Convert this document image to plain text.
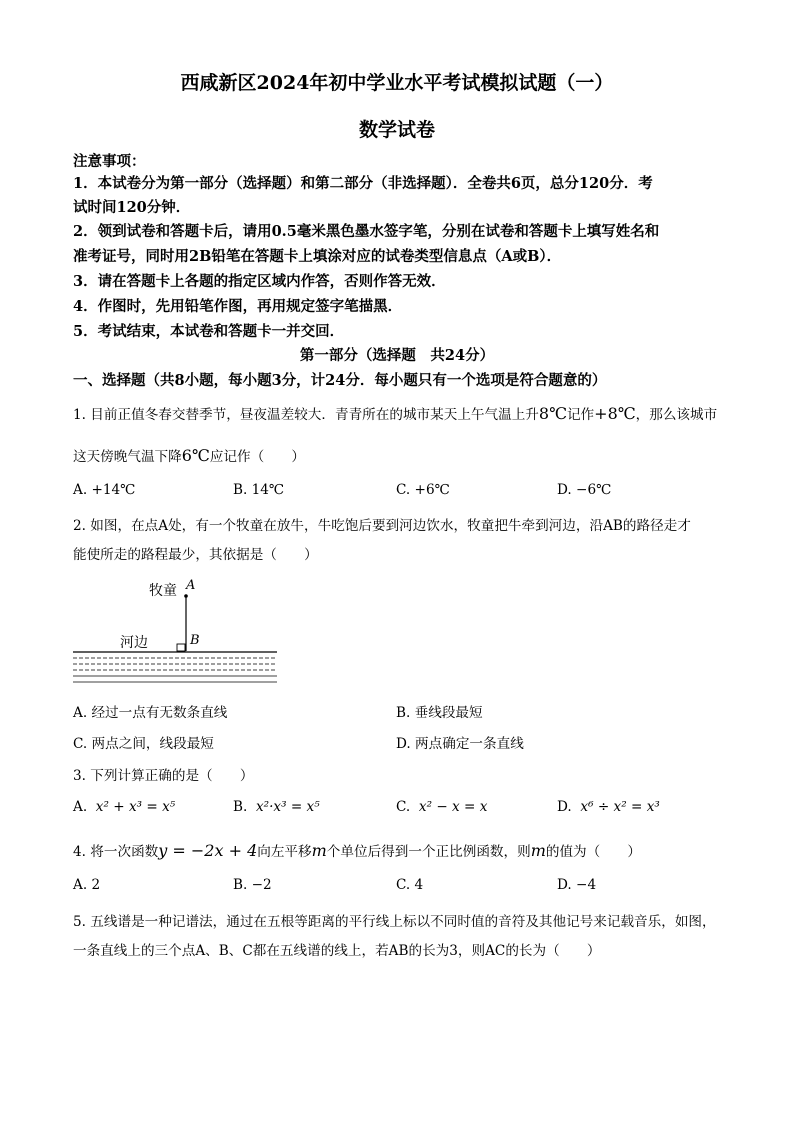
西咸新区2024年初中学业水平考试模拟试题（一）
数学试卷
注意事项：
1．本试卷分为第一部分（选择题）和第二部分（非选择题）．全卷共6页，总分120分．考
试时间120分钟．
2．领到试卷和答题卡后，请用0.5毫米黑色墨水签字笔，分别在试卷和答题卡上填写姓名和
准考证号，同时用2B铅笔在答题卡上填涂对应的试卷类型信息点（A或B）．
3．请在答题卡上各题的指定区域内作答，否则作答无效．
4．作图时，先用铅笔作图，再用规定签字笔描黑．
5．考试结束，本试卷和答题卡一并交回．
第一部分（选择题　共24分）
一、选择题（共8小题，每小题3分，计24分．每小题只有一个选项是符合题意的）
1. 目前正值冬春交替季节，昼夜温差较大．青青所在的城市某天上午气温上升8℃记作+8℃，那么该城市
这天傍晚气温下降6℃应记作（　　）
A. +14℃	B. 14℃	C. +6℃	D. −6℃
2. 如图，在点A处，有一个牧童在放牛，牛吃饱后要到河边饮水，牧童把牛牵到河边，沿AB的路径走才
能使所走的路程最少，其依据是（　　）
牧童 A
河边	B
A. 经过一点有无数条直线	B. 垂线段最短
C. 两点之间，线段最短	D. 两点确定一条直线
3. 下列计算正确的是（　　）
A. x² + x³ = x⁵	B. x²·x³ = x⁵	C. x² − x = x	D. x⁶ ÷ x² = x³
4. 将一次函数y = −2x + 4向左平移m个单位后得到一个正比例函数，则m的值为（　　）
A. 2	B. −2	C. 4	D. −4
5. 五线谱是一种记谱法，通过在五根等距离的平行线上标以不同时值的音符及其他记号来记载音乐，如图，
一条直线上的三个点A、B、C都在五线谱的线上，若AB的长为3，则AC的长为（　　）
